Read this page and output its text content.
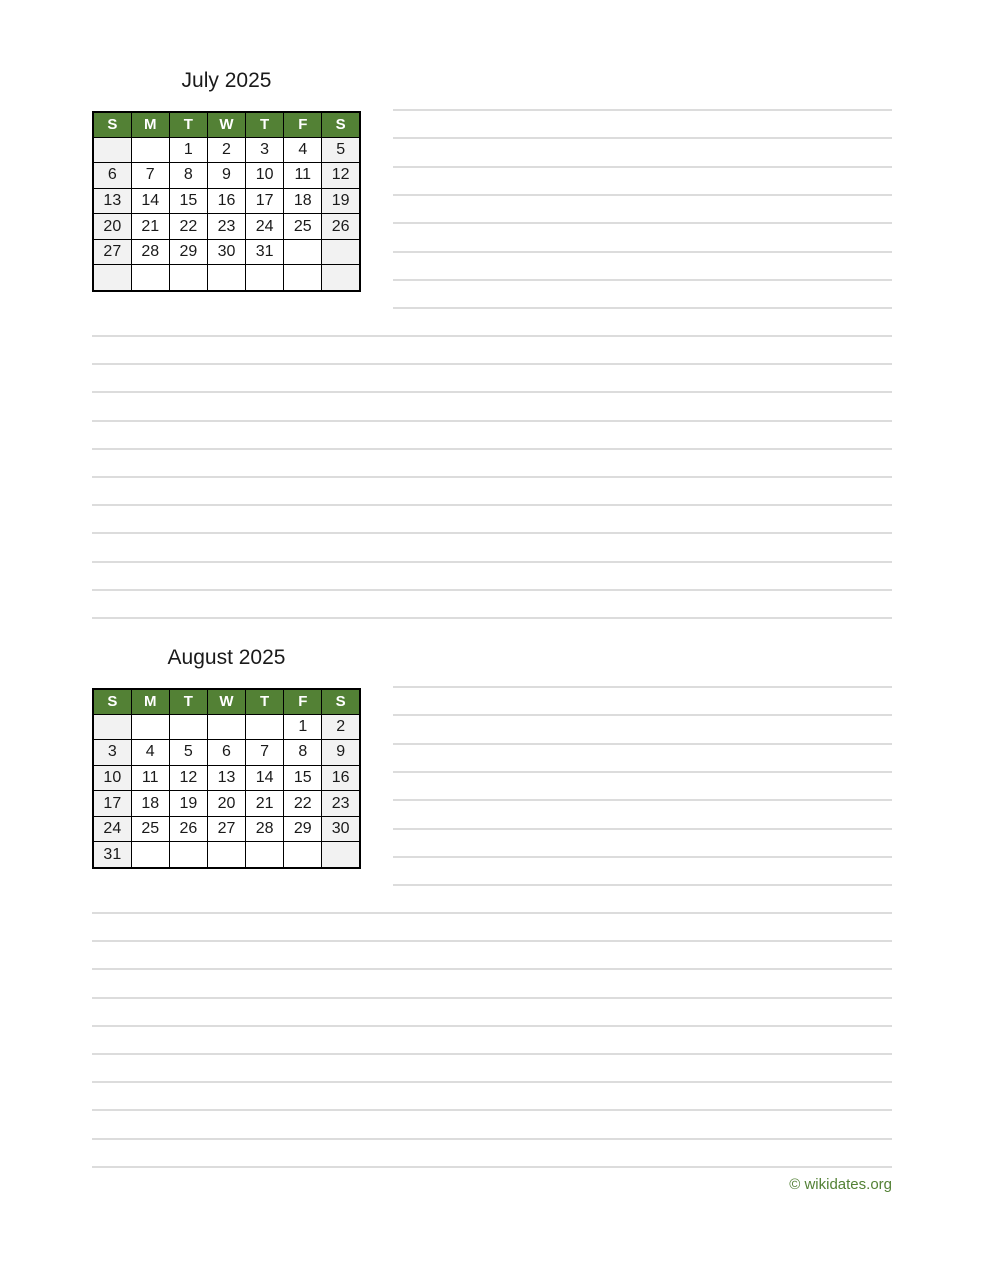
July 2025
S	M	T	W	T	F	S
		1	2	3	4	5
6	7	8	9	10	11	12
13	14	15	16	17	18	19
20	21	22	23	24	25	26
27	28	29	30	31		

August 2025
S	M	T	W	T	F	S
					1	2
3	4	5	6	7	8	9
10	11	12	13	14	15	16
17	18	19	20	21	22	23
24	25	26	27	28	29	30
31						
© wikidates.org
